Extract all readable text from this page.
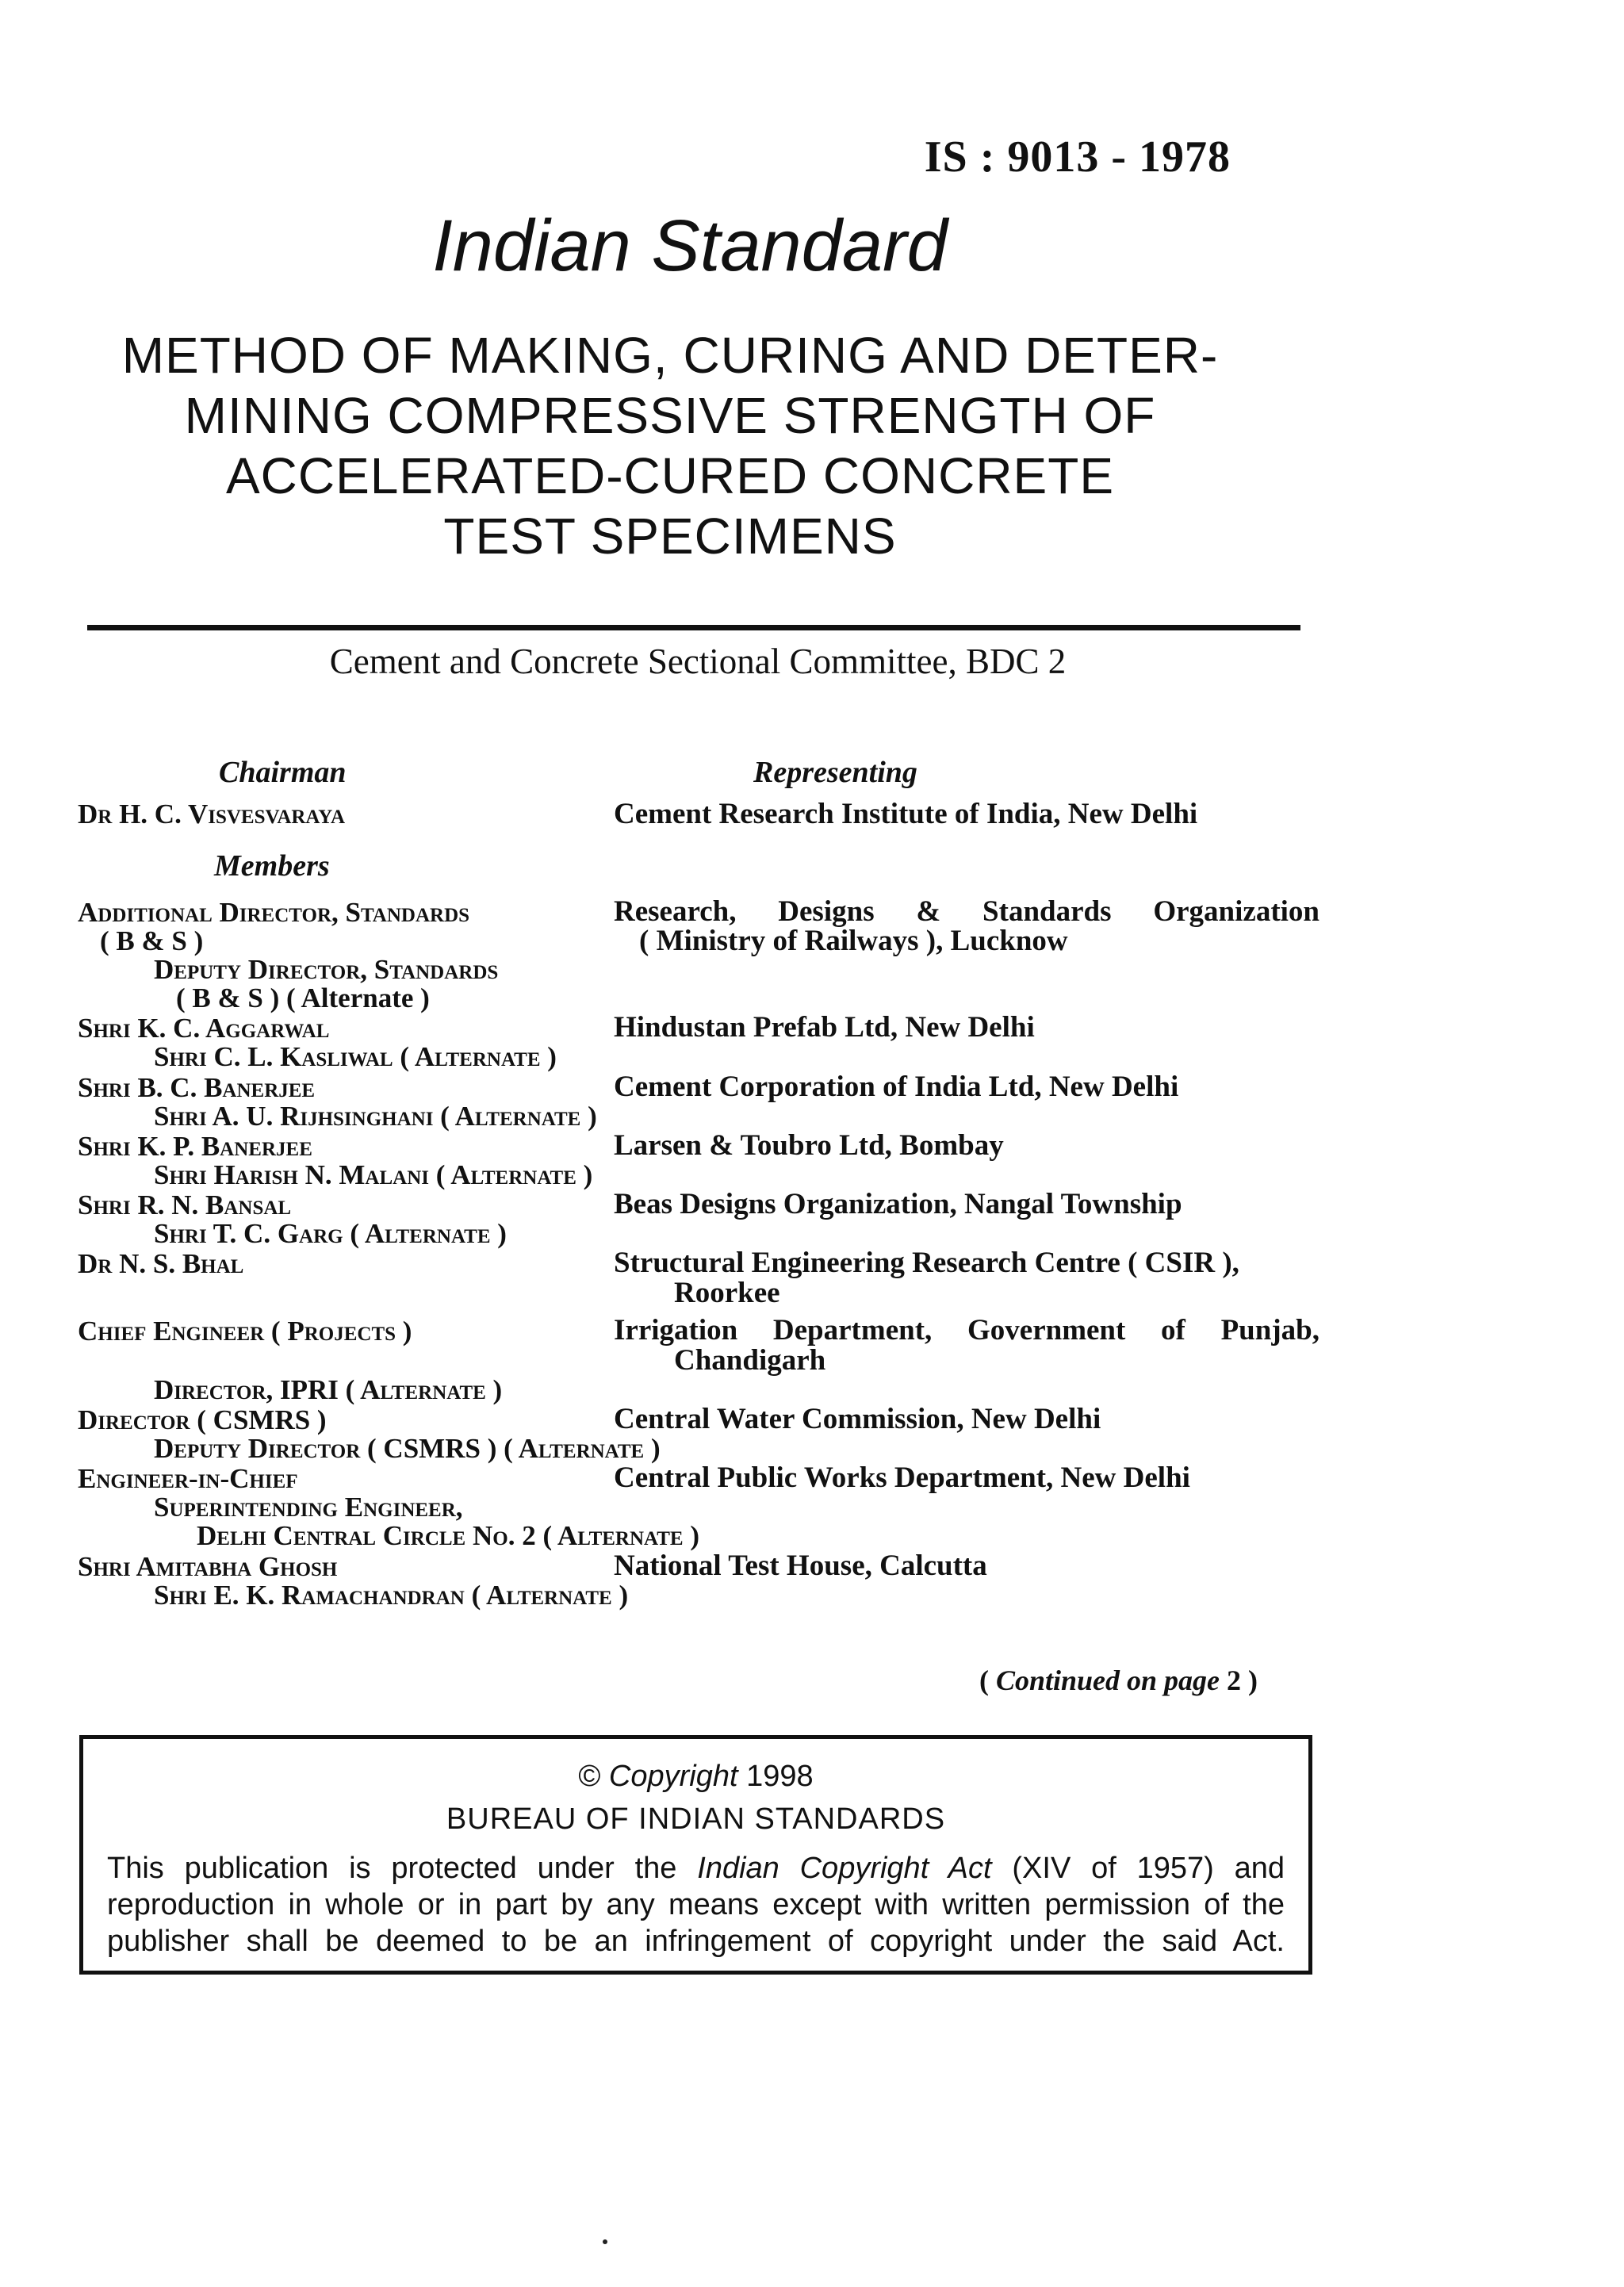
IS : 9013 - 1978
Indian Standard
METHOD OF MAKING, CURING AND DETER-
MINING COMPRESSIVE STRENGTH OF
ACCELERATED-CURED CONCRETE
TEST SPECIMENS
Cement and Concrete Sectional Committee, BDC 2
Chairman	Representing
Dr H. C. Visvesvaraya	Cement Research Institute of India, New Delhi
Members
Additional Director, Standards	Research, Designs & Standards Organization
( B & S )	( Ministry of Railways ), Lucknow
Deputy Director, Standards
( B & S ) ( Alternate )
Shri K. C. Aggarwal	Hindustan Prefab Ltd, New Delhi
Shri C. L. Kasliwal ( Alternate )
Shri B. C. Banerjee	Cement Corporation of India Ltd, New Delhi
Shri A. U. Rijhsinghani ( Alternate )
Shri K. P. Banerjee	Larsen & Toubro Ltd, Bombay
Shri Harish N. Malani ( Alternate )
Shri R. N. Bansal	Beas Designs Organization, Nangal Township
Shri T. C. Garg ( Alternate )
Dr N. S. Bhal	Structural Engineering Research Centre ( CSIR ),
Roorkee
Chief Engineer ( Projects )	Irrigation Department, Government of Punjab,
Chandigarh
Director, IPRI ( Alternate )
Director ( CSMRS )	Central Water Commission, New Delhi
Deputy Director ( CSMRS ) ( Alternate )
Engineer-in-Chief	Central Public Works Department, New Delhi
Superintending Engineer,
Delhi Central Circle No. 2 ( Alternate )
Shri Amitabha Ghosh	National Test House, Calcutta
Shri E. K. Ramachandran ( Alternate )
( Continued on page 2 )
© Copyright 1998
BUREAU OF INDIAN STANDARDS
This publication is protected under the Indian Copyright Act (XIV of 1957) and reproduction in whole or in part by any means except with written permission of the publisher shall be deemed to be an infringement of copyright under the said Act.
